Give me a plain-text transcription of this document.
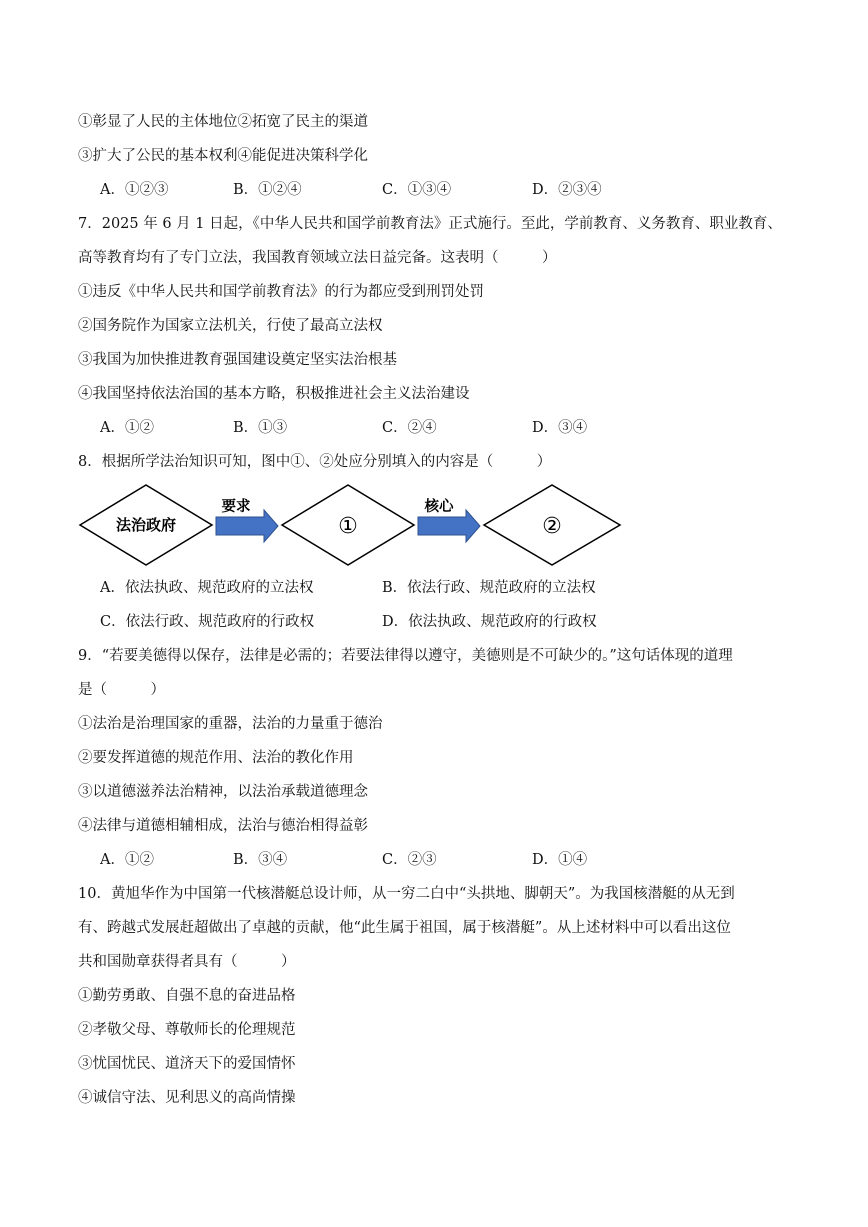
①彰显了人民的主体地位②拓宽了民主的渠道
③扩大了公民的基本权利④能促进决策科学化
A．①②③	B．①②④	C．①③④	D．②③④
7．2025 年 6 月 1 日起，《中华人民共和国学前教育法》正式施行。至此，学前教育、义务教育、职业教育、
高等教育均有了专门立法，我国教育领域立法日益完备。这表明（　　　）
①违反《中华人民共和国学前教育法》的行为都应受到刑罚处罚
②国务院作为国家立法机关，行使了最高立法权
③我国为加快推进教育强国建设奠定坚实法治根基
④我国坚持依法治国的基本方略，积极推进社会主义法治建设
A．①②	B．①③	C．②④	D．③④
8．根据所学法治知识可知，图中①、②处应分别填入的内容是（　　　）
法治政府
要求
①
核心
②
A．依法执政、规范政府的立法权	B．依法行政、规范政府的立法权
C．依法行政、规范政府的行政权	D．依法执政、规范政府的行政权
9．“若要美德得以保存，法律是必需的；若要法律得以遵守，美德则是不可缺少的。”这句话体现的道理
是（　　　）
①法治是治理国家的重器，法治的力量重于德治
②要发挥道德的规范作用、法治的教化作用
③以道德滋养法治精神，以法治承载道德理念
④法律与道德相辅相成，法治与德治相得益彰
A．①②	B．③④	C．②③	D．①④
10．黄旭华作为中国第一代核潜艇总设计师，从一穷二白中“头拱地、脚朝天”。为我国核潜艇的从无到
有、跨越式发展赶超做出了卓越的贡献，他“此生属于祖国，属于核潜艇”。从上述材料中可以看出这位
共和国勋章获得者具有（　　　）
①勤劳勇敢、自强不息的奋进品格
②孝敬父母、尊敬师长的伦理规范
③忧国忧民、道济天下的爱国情怀
④诚信守法、见利思义的高尚情操
